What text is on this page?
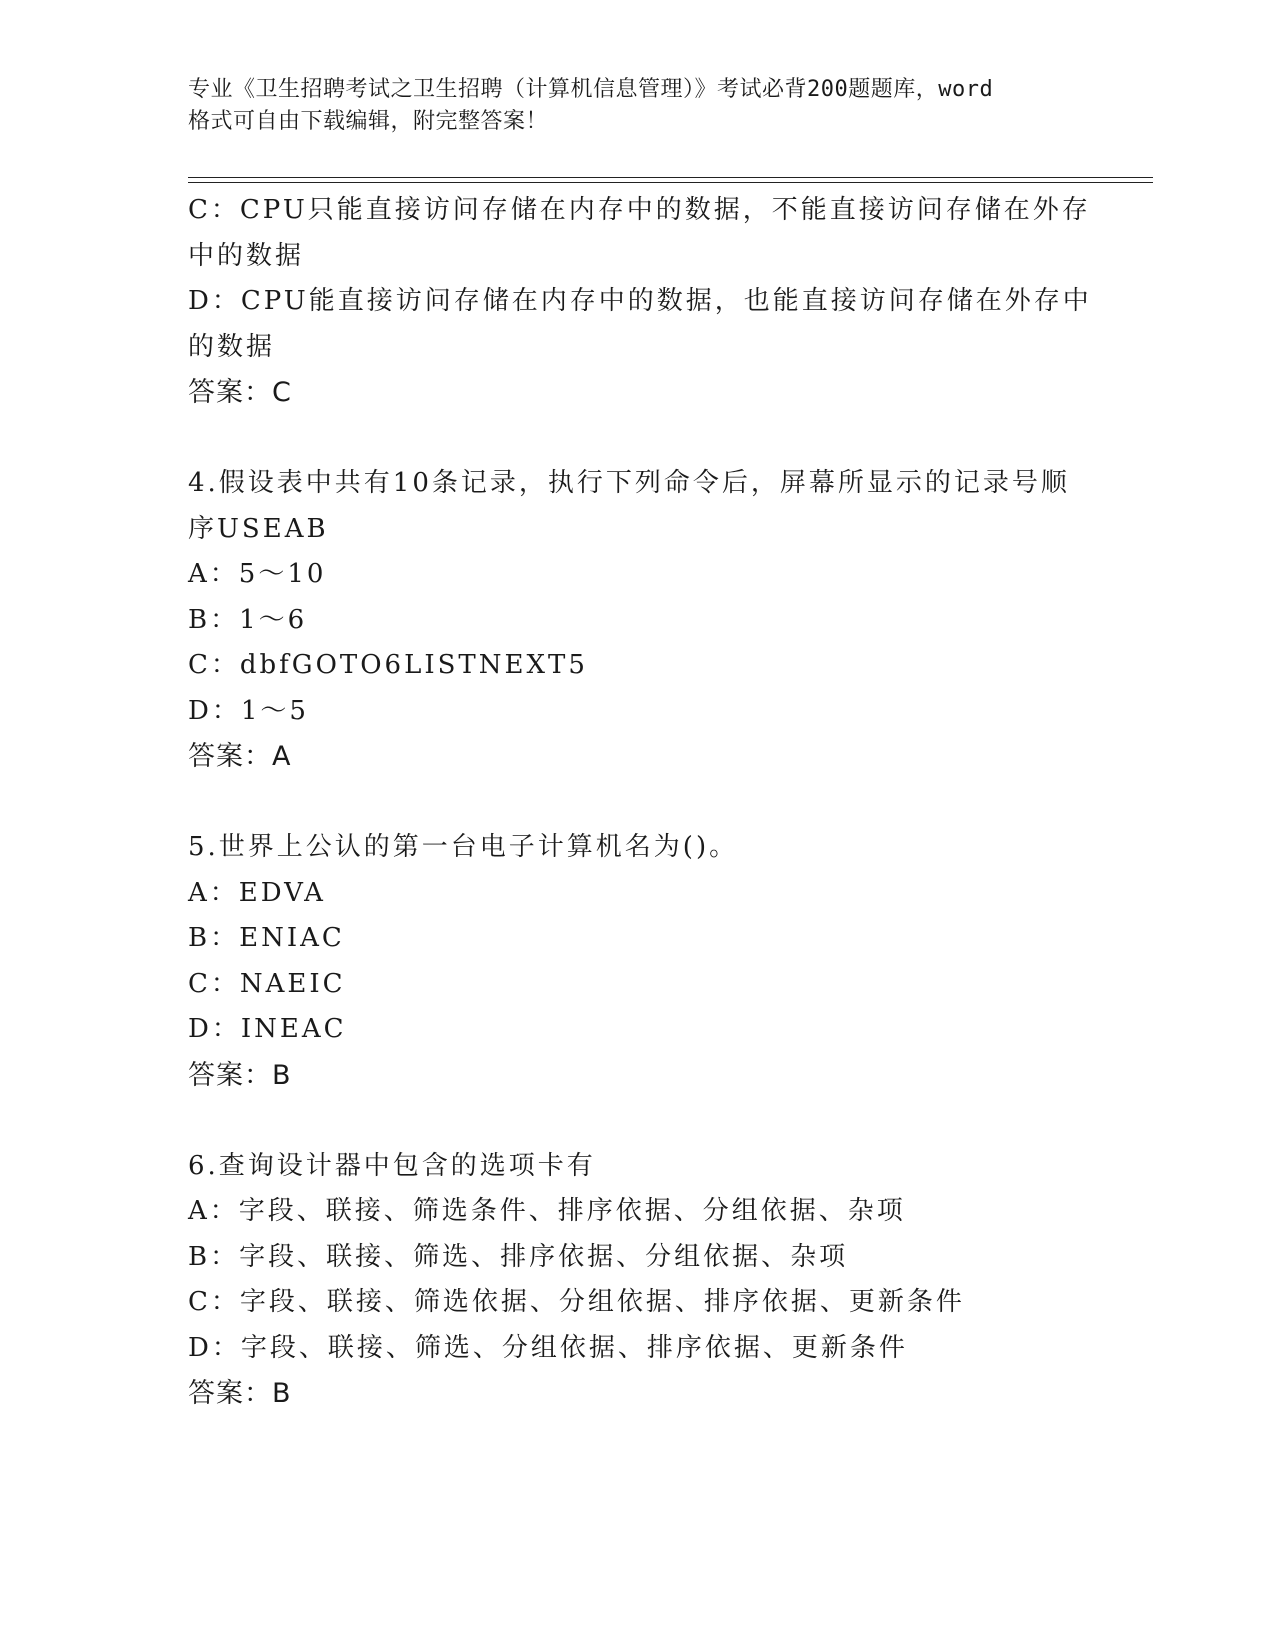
专业《卫生招聘考试之卫生招聘（计算机信息管理）》考试必背200题题库，word
格式可自由下载编辑，附完整答案！
C：CPU只能直接访问存储在内存中的数据，不能直接访问存储在外存
中的数据
D：CPU能直接访问存储在内存中的数据，也能直接访问存储在外存中
的数据
答案：C
4.假设表中共有10条记录，执行下列命令后，屏幕所显示的记录号顺
序USEAB
A：5～10
B：1～6
C：dbfGOTO6LISTNEXT5
D：1～5
答案：A
5.世界上公认的第一台电子计算机名为()。
A：EDVA
B：ENIAC
C：NAEIC
D：INEAC
答案：B
6.查询设计器中包含的选项卡有
A：字段、联接、筛选条件、排序依据、分组依据、杂项
B：字段、联接、筛选、排序依据、分组依据、杂项
C：字段、联接、筛选依据、分组依据、排序依据、更新条件
D：字段、联接、筛选、分组依据、排序依据、更新条件
答案：B
